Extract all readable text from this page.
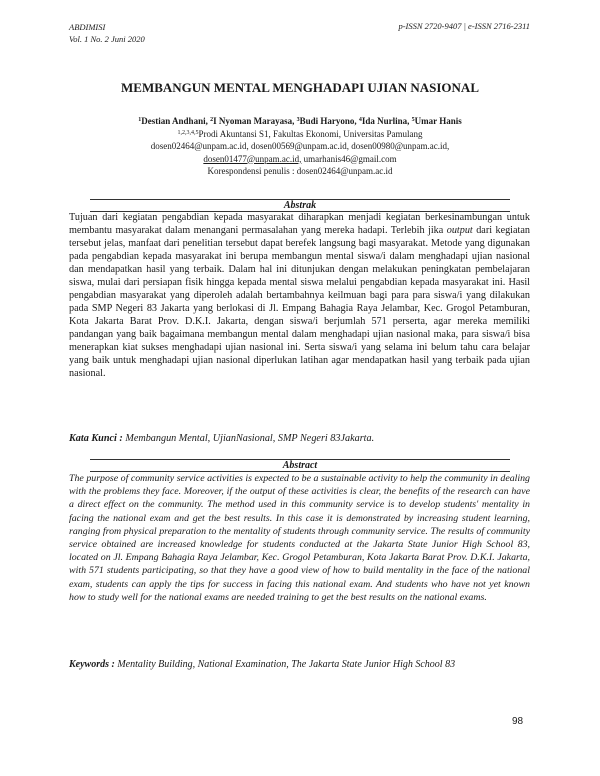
ABDIMISI
Vol. 1 No. 2 Juni 2020
p-ISSN 2720-9407 | e-ISSN 2716-2311
MEMBANGUN MENTAL MENGHADAPI UJIAN NASIONAL
$^1$Destian Andhani, $^2$I Nyoman Marayasa, $^3$Budi Haryono, $^4$Ida Nurlina, $^5$Umar Hanis
$^{1,2,3,4,5}$Prodi Akuntansi S1, Fakultas Ekonomi, Universitas Pamulang
dosen02464@unpam.ac.id, dosen00569@unpam.ac.id, dosen00980@unpam.ac.id,
dosen01477@unpam.ac.id, umarhanis46@gmail.com
Korespondensi penulis : dosen02464@unpam.ac.id
Abstrak
Tujuan dari kegiatan pengabdian kepada masyarakat diharapkan menjadi kegiatan berkesinambungan untuk membantu masyarakat dalam menangani permasalahan yang mereka hadapi. Terlebih jika output dari kegiatan tersebut jelas, manfaat dari penelitian tersebut dapat berefek langsung bagi masyarakat. Metode yang digunakan pada pengabdian kepada masyarakat ini berupa membangun mental siswa/i dalam menghadapi ujian nasional dan mendapatkan hasil yang terbaik. Dalam hal ini ditunjukan dengan melakukan peningkatan pembelajaran siswa, mulai dari persiapan fisik hingga kepada mental siswa melalui pengabdian kepada masyarakat ini. Hasil pengabdian masyarakat yang diperoleh adalah bertambahnya keilmuan bagi para para siswa/i yang dilakukan pada SMP Negeri 83 Jakarta yang berlokasi di Jl. Empang Bahagia Raya Jelambar, Kec. Grogol Petamburan, Kota Jakarta Barat Prov. D.K.I. Jakarta, dengan siswa/i berjumlah 571 perserta, agar mereka memiliki pandangan yang baik bagaimana membangun mental dalam menghadapi ujian nasional maka, para siswa/i bisa menerapkan kiat sukses menghadapi ujian nasional ini. Serta siswa/i yang selama ini belum tahu cara belajar yang baik untuk menghadapi ujian nasional diperlukan latihan agar mendapatkan hasil yang terbaik pada ujian nasional.
Kata Kunci : Membangun Mental, UjianNasional, SMP Negeri 83Jakarta.
Abstract
The purpose of community service activities is expected to be a sustainable activity to help the community in dealing with the problems they face. Moreover, if the output of these activities is clear, the benefits of the research can have a direct effect on the community. The method used in this community service is to develop students' mentality in facing the national exam and get the best results. In this case it is demonstrated by increasing student learning, ranging from physical preparation to the mentality of students through community service. The results of community service obtained are increased knowledge for students conducted at the Jakarta State Junior High School 83, located on Jl. Empang Bahagia Raya Jelambar, Kec. Grogol Petamburan, Kota Jakarta Barat Prov. D.K.I. Jakarta, with 571 students participating, so that they have a good view of how to build mentality in the face of the national exam, students can apply the tips for success in facing this national exam. And students who have not yet known how to study well for the national exams are needed training to get the best results on the national exams.
Keywords : Mentality Building, National Examination, The Jakarta State Junior High School 83
98
